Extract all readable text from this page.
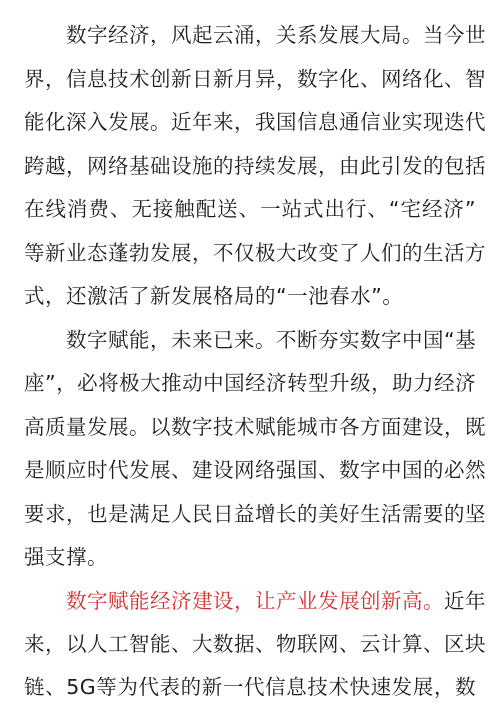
数字经济，风起云涌，关系发展大局。当今世
界，信息技术创新日新月异，数字化、网络化、智
能化深入发展。近年来，我国信息通信业实现迭代
跨越，网络基础设施的持续发展，由此引发的包括
在线消费、无接触配送、一站式出行、“宅经济”
等新业态蓬勃发展，不仅极大改变了人们的生活方
式，还激活了新发展格局的“一池春水”。
数字赋能，未来已来。不断夯实数字中国“基
座”，必将极大推动中国经济转型升级，助力经济
高质量发展。以数字技术赋能城市各方面建设，既
是顺应时代发展、建设网络强国、数字中国的必然
要求，也是满足人民日益增长的美好生活需要的坚
强支撑。
数字赋能经济建设，让产业发展创新高。近年
来，以人工智能、大数据、物联网、云计算、区块
链、5G等为代表的新一代信息技术快速发展，数
